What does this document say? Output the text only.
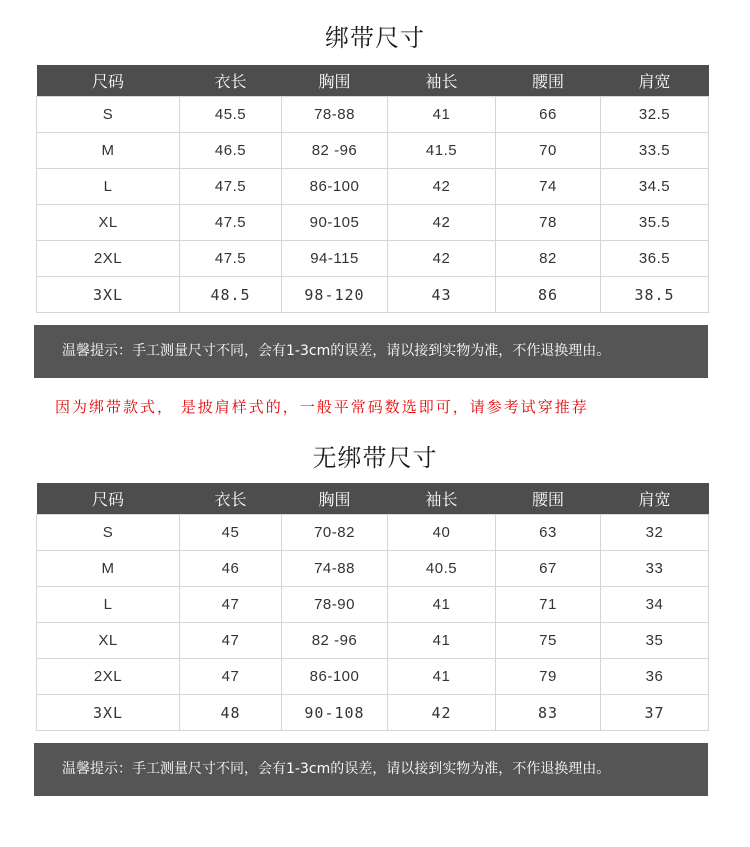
绑带尺寸
尺码	衣长	胸围	袖长	腰围	肩宽
S	45.5	78-88	41	66	32.5
M	46.5	82 -96	41.5	70	33.5
L	47.5	86-100	42	74	34.5
XL	47.5	90-105	42	78	35.5
2XL	47.5	94-115	42	82	36.5
3XL	48.5	98-120	43	86	38.5
温馨提示：手工测量尺寸不同，会有1-3cm的误差，请以接到实物为准，不作退换理由。
因为绑带款式， 是披肩样式的，一般平常码数选即可，请参考试穿推荐
无绑带尺寸
尺码	衣长	胸围	袖长	腰围	肩宽
S	45	70-82	40	63	32
M	46	74-88	40.5	67	33
L	47	78-90	41	71	34
XL	47	82 -96	41	75	35
2XL	47	86-100	41	79	36
3XL	48	90-108	42	83	37
温馨提示：手工测量尺寸不同，会有1-3cm的误差，请以接到实物为准，不作退换理由。
